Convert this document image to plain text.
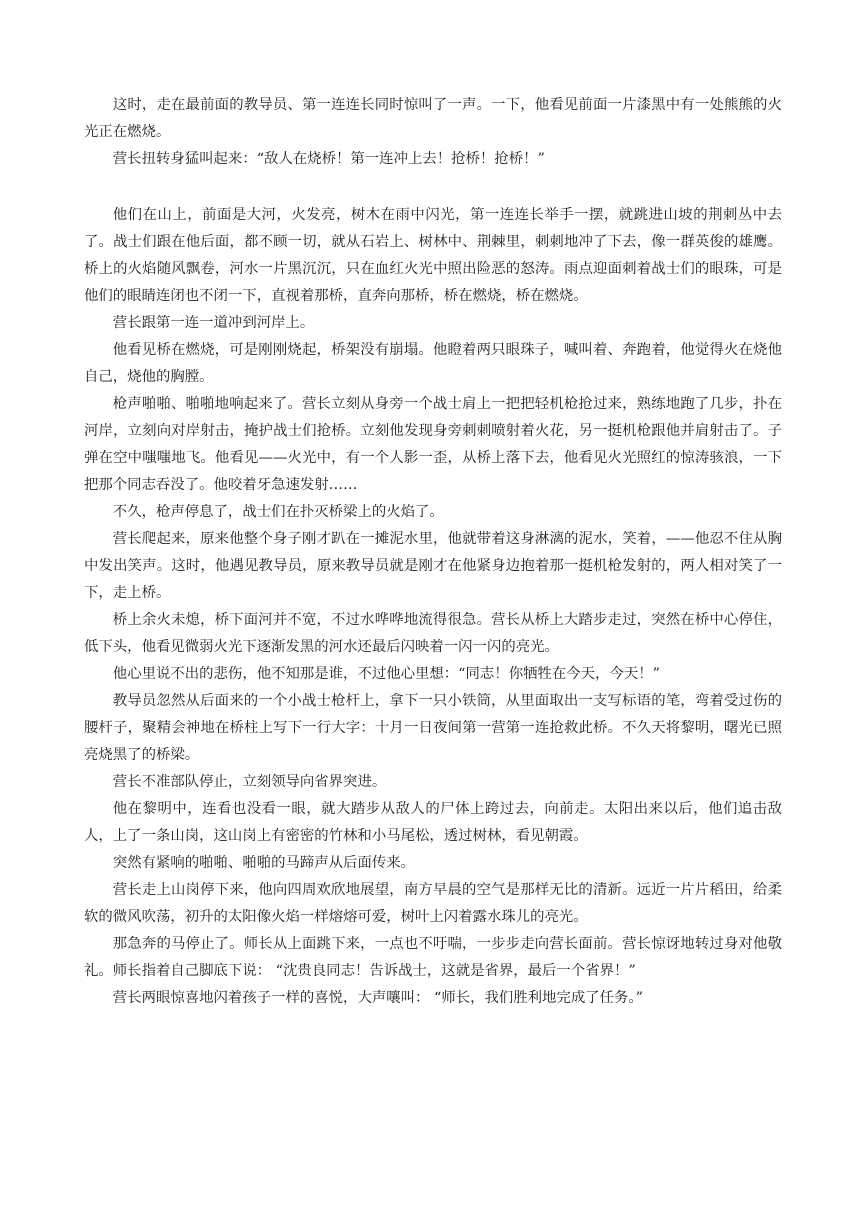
这时，走在最前面的教导员、第一连连长同时惊叫了一声。一下，他看见前面一片漆黑中有一处熊熊的火光正在燃烧。

营长扭转身猛叫起来：“敌人在烧桥！第一连冲上去！抢桥！抢桥！”

他们在山上，前面是大河，火发亮，树木在雨中闪光，第一连连长举手一摆，就跳进山坡的荆刺丛中去了。战士们跟在他后面，都不顾一切，就从石岩上、树林中、荆棘里，刺刺地冲了下去，像一群英俊的雄鹰。桥上的火焰随风飘卷，河水一片黑沉沉，只在血红火光中照出险恶的怒涛。雨点迎面刺着战士们的眼珠，可是他们的眼睛连闭也不闭一下，直视着那桥，直奔向那桥，桥在燃烧，桥在燃烧。

营长跟第一连一道冲到河岸上。

他看见桥在燃烧，可是刚刚烧起，桥架没有崩塌。他瞪着两只眼珠子，喊叫着、奔跑着，他觉得火在烧他自己，烧他的胸膛。

枪声啪啪、啪啪地响起来了。营长立刻从身旁一个战士肩上一把把轻机枪抢过来，熟练地跑了几步，扑在河岸，立刻向对岸射击，掩护战士们抢桥。立刻他发现身旁刺刺喷射着火花，另一挺机枪跟他并肩射击了。子弹在空中嗤嗤地飞。他看见——火光中，有一个人影一歪，从桥上落下去，他看见火光照红的惊涛骇浪，一下把那个同志吞没了。他咬着牙急速发射……

不久，枪声停息了，战士们在扑灭桥梁上的火焰了。

营长爬起来，原来他整个身子刚才趴在一摊泥水里，他就带着这身淋漓的泥水，笑着，——他忍不住从胸中发出笑声。这时，他遇见教导员，原来教导员就是刚才在他紧身边抱着那一挺机枪发射的，两人相对笑了一下，走上桥。

桥上余火未熄，桥下面河并不宽，不过水哗哗地流得很急。营长从桥上大踏步走过，突然在桥中心停住，低下头，他看见微弱火光下逐渐发黑的河水还最后闪映着一闪一闪的亮光。

他心里说不出的悲伤，他不知那是谁，不过他心里想：“同志！你牺牲在今天，今天！”

教导员忽然从后面来的一个小战士枪杆上，拿下一只小铁筒，从里面取出一支写标语的笔，弯着受过伤的腰杆子，聚精会神地在桥柱上写下一行大字：十月一日夜间第一营第一连抢救此桥。不久天将黎明，曙光已照亮烧黑了的桥梁。

营长不准部队停止，立刻领导向省界突进。

他在黎明中，连看也没看一眼，就大踏步从敌人的尸体上跨过去，向前走。太阳出来以后，他们追击敌人，上了一条山岗，这山岗上有密密的竹林和小马尾松，透过树林，看见朝霞。

突然有紧响的啪啪、啪啪的马蹄声从后面传来。

营长走上山岗停下来，他向四周欢欣地展望，南方早晨的空气是那样无比的清新。远近一片片稻田，给柔软的微风吹荡，初升的太阳像火焰一样熔熔可爱，树叶上闪着露水珠儿的亮光。

那急奔的马停止了。师长从上面跳下来，一点也不吁喘，一步步走向营长面前。营长惊讶地转过身对他敬礼。师长指着自己脚底下说： “沈贵良同志！告诉战士，这就是省界，最后一个省界！”

营长两眼惊喜地闪着孩子一样的喜悦，大声嚷叫： “师长，我们胜利地完成了任务。”
